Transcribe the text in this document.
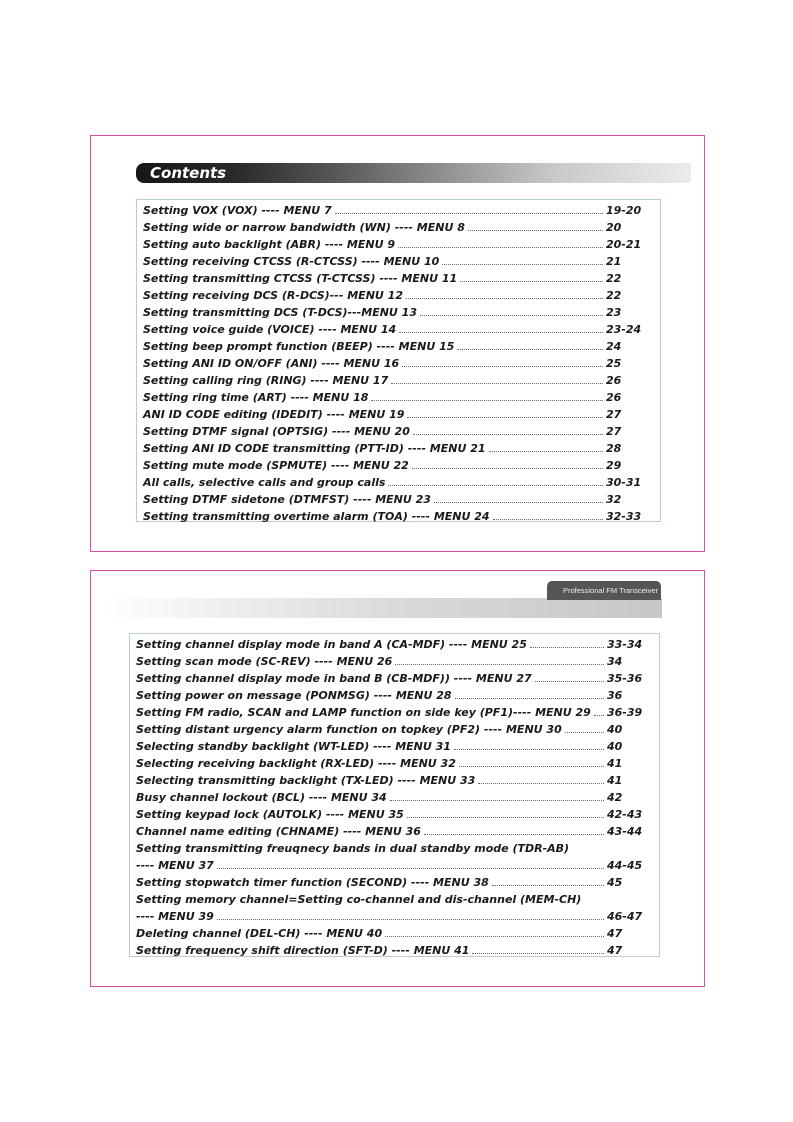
Contents
Setting VOX (VOX) ---- MENU 7	19-20
Setting wide or narrow bandwidth (WN) ---- MENU 8	20
Setting auto backlight (ABR) ---- MENU 9	20-21
Setting receiving CTCSS (R-CTCSS) ---- MENU 10	21
Setting transmitting CTCSS (T-CTCSS) ---- MENU 11	22
Setting receiving DCS (R-DCS)--- MENU 12	22
Setting transmitting DCS (T-DCS)---MENU 13	23
Setting voice guide (VOICE) ---- MENU 14	23-24
Setting beep prompt function (BEEP) ---- MENU 15	24
Setting ANI ID ON/OFF (ANI) ---- MENU 16	25
Setting calling ring (RING) ---- MENU 17	26
Setting ring time (ART) ---- MENU 18	26
ANI ID CODE editing (IDEDIT) ---- MENU 19	27
Setting DTMF signal (OPTSIG) ---- MENU 20	27
Setting ANI ID CODE transmitting (PTT-ID) ---- MENU 21	28
Setting mute mode (SPMUTE) ---- MENU 22	29
All calls, selective calls and group calls	30-31
Setting DTMF sidetone (DTMFST) ---- MENU 23	32
Setting transmitting overtime alarm (TOA) ---- MENU 24	32-33
Professional FM Transceiver
Setting channel display mode in band A (CA-MDF) ---- MENU 25	33-34
Setting scan mode (SC-REV) ---- MENU 26	34
Setting channel display mode in band B (CB-MDF)) ---- MENU 27	35-36
Setting power on message (PONMSG) ---- MENU 28	36
Setting FM radio, SCAN and LAMP function on side key (PF1)---- MENU 29 36-39
Setting distant urgency alarm function on topkey (PF2) ---- MENU 30	40
Selecting standby backlight (WT-LED) ---- MENU 31	40
Selecting receiving backlight (RX-LED) ---- MENU 32	41
Selecting transmitting backlight (TX-LED) ---- MENU 33	41
Busy channel lockout (BCL) ---- MENU 34	42
Setting keypad lock (AUTOLK) ---- MENU 35	42-43
Channel name editing (CHNAME) ---- MENU 36	43-44
Setting transmitting freuqnecy bands in dual standby mode (TDR-AB)
---- MENU 37	44-45
Setting stopwatch timer function (SECOND) ---- MENU 38	45
Setting memory channel=Setting co-channel and dis-channel (MEM-CH)
---- MENU 39	46-47
Deleting channel (DEL-CH) ---- MENU 40	47
Setting frequency shift direction (SFT-D) ---- MENU 41	47
